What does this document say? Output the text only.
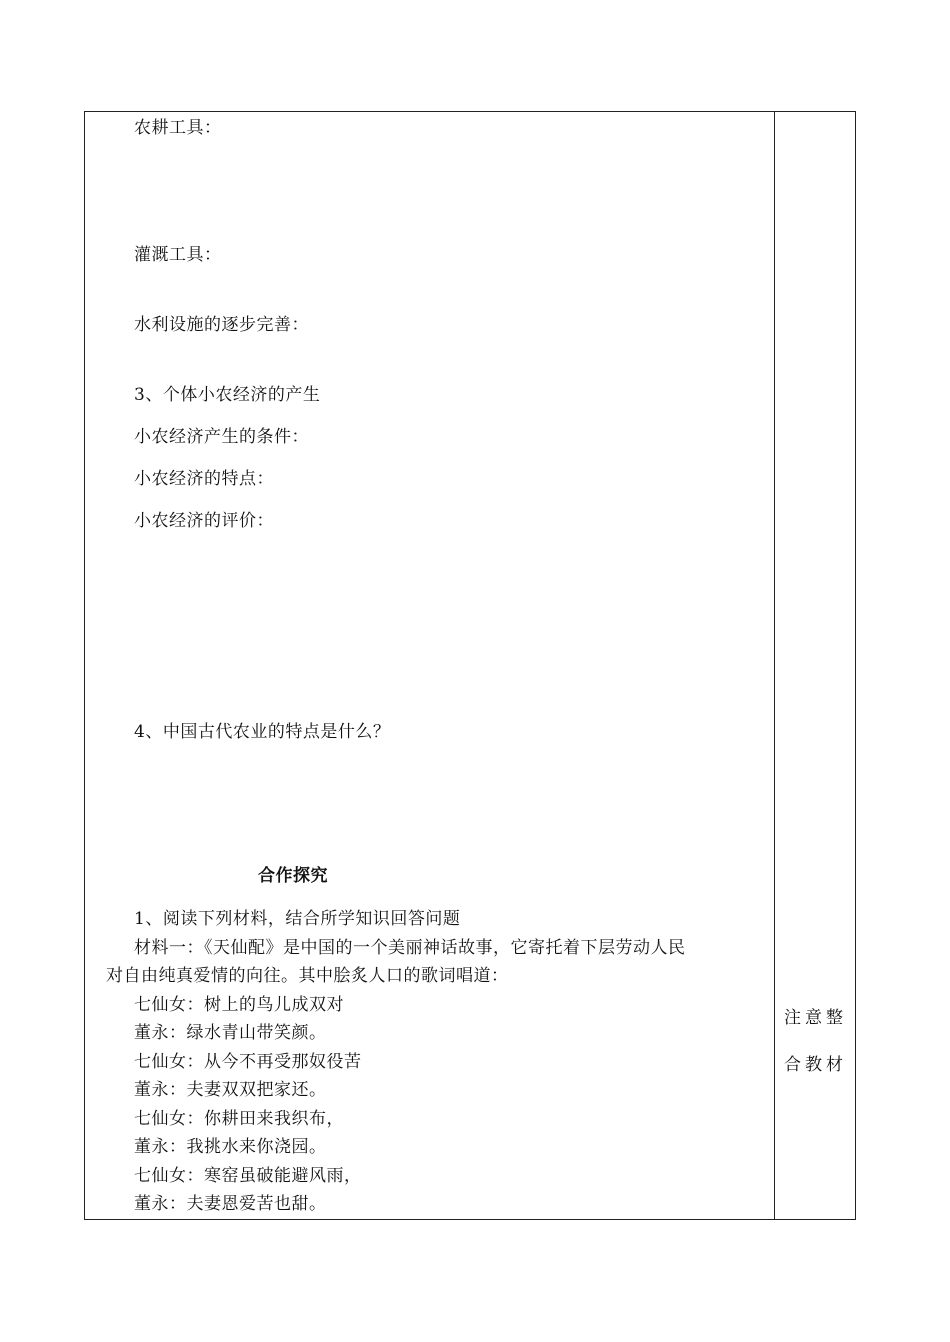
农耕工具：
灌溉工具：
水利设施的逐步完善：
3、个体小农经济的产生
小农经济产生的条件：
小农经济的特点：
小农经济的评价：
4、中国古代农业的特点是什么？
合作探究
1、阅读下列材料，结合所学知识回答问题
材料一：《天仙配》是中国的一个美丽神话故事，它寄托着下层劳动人民
对自由纯真爱情的向往。其中脍炙人口的歌词唱道：
七仙女：树上的鸟儿成双对
董永：绿水青山带笑颜。
七仙女：从今不再受那奴役苦
董永：夫妻双双把家还。
七仙女：你耕田来我织布，
董永：我挑水来你浇园。
七仙女：寒窑虽破能避风雨，
董永：夫妻恩爱苦也甜。
注意整
合教材
